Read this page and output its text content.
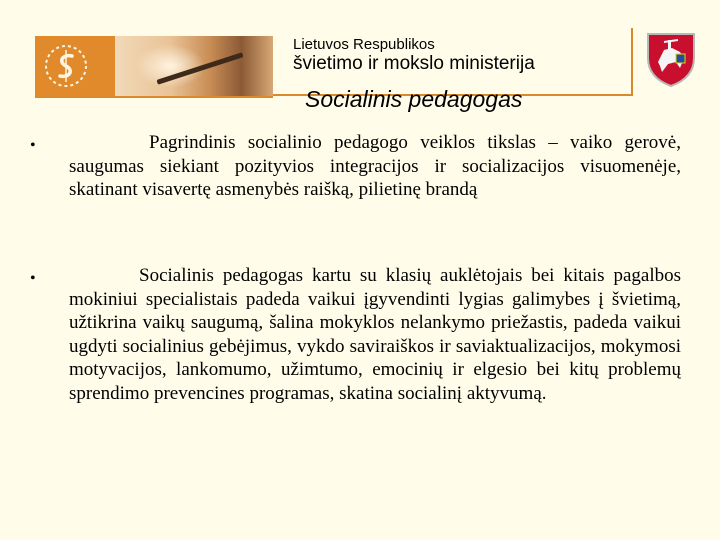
Lietuvos Respublikos
švietimo ir mokslo ministerija
Socialinis pedagogas
•	Pagrindinis socialinio pedagogo veiklos tikslas – vaiko gerovė, saugumas siekiant pozityvios integracijos ir socializacijos visuomenėje, skatinant visavertę asmenybės raišką, pilietinę brandą
•	Socialinis pedagogas kartu su klasių auklėtojais bei kitais pagalbos mokiniui specialistais padeda vaikui įgyvendinti lygias galimybes į švietimą, užtikrina vaikų saugumą, šalina mokyklos nelankymo priežastis, padeda vaikui ugdyti socialinius gebėjimus, vykdo saviraiškos ir saviaktualizacijos, mokymosi motyvacijos, lankomumo, užimtumo, emocinių ir elgesio bei kitų problemų sprendimo prevencines programas, skatina socialinį aktyvumą.
